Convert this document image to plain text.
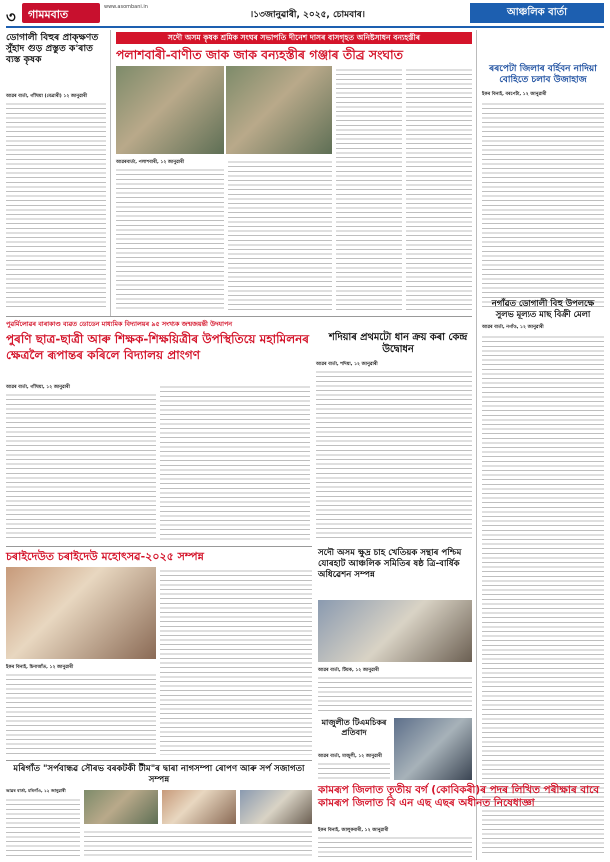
৩	গামমবাত
www.asombani.in
।১৩জানুৱাৰী, ২০২৫, চোমবাৰ।	আঞ্চলিক বাৰ্তা
ডোগালী বিহুৰ প্ৰাক্‌ক্ষণত সুঁহাদ গুড় প্ৰস্তুত ক'ৰাত ব্যস্ত কৃষক
আৱৰ বাৰ্তা, গাঁথিয়া (বেত্ৰাৰী) ১২ জানুৱাৰী
সদৌ অসম কৃষক শ্ৰমিক সংঘৰ সভাপতি দীনেশ দাসৰ বাসগৃহত অনিষ্টসাধন বন্যহস্তীৰ
পলাশবাৰী-বাণীত জাক জাক বন্যহস্তীৰ গঞ্জাৰ তীব্ৰ সংঘাত
আৱৰবাৰ্তা, পলাশবাৰী, ১২ জানুৱাৰী
ৰৰপেটা জিলাৰ বৰ্হিবন নাদিয়া বোহিতে চলাব উজাহাজ
ইকৰ বিনাই, বৰপেটা, ১২ জানুৱাৰী
পুৱৰ্মিলোৱৰ বাৰাকাণ্ড ব্যৱত ডোডেন মাধ্যমিক বিদ্যালয়ৰ ৯৫ সংখ্যক জন্মজয়ন্তী উদযাপন
পুৰণি ছাত্ৰ-ছাত্ৰী আৰু শিক্ষক-শিক্ষয়িত্ৰীৰ উপস্থিতিয়ে মহামিলনৰ ক্ষেত্ৰলৈ ৰূপান্তৰ কৰিলে বিদ্যালয় প্ৰাংগণ
আৱৰ বাৰ্তা, গাঁথিয়া, ১২ জানুৱাৰী
শদিয়াৰ প্ৰথমটো ধান ক্ৰয় কৰা কেন্দ্ৰ উদ্বোধন
আৱৰ বাৰ্তা, শদিয়া, ১২ জানুৱাৰী
নগাঁৱত ডোগালী বিহু উপলক্ষে সুলভ মূল্যত মাছ বিক্ৰী মেলা
আৱৰ বাৰ্তা, নগাঁও, ১২ জানুৱাৰী
চৰাইদেউত চৰাইদেউ মহোৎসৱ-২০২৫ সম্পন্ন
ইকৰ বিনাই, চিনাআঁত, ১২ জানুৱাৰী
সদৌ অসম ক্ষুদ্ৰ চাহ খেতিয়ক সন্থাৰ পশ্চিম যোৰহাট আঞ্চলিক সমিতিৰ ষষ্ঠ ত্ৰি-বাৰ্ষিক অধিৱেশন সম্পন্ন
আৱৰ বাৰ্তা, টিয়ক, ১২ জানুৱাৰী
মাজুলীত টিএমচিকৰ প্ৰতিবাদ
আৱৰ বাৰ্তা, মাজুলী, ১২ জানুৱাৰী
মৰিগাঁত "সৰ্পবান্ধৱ সৌৰভ বৰকটকী টীম"ৰ দ্বাৰা নাগসম্পা ৰোপণ আৰু সৰ্প সজাগতা সম্পন্ন
আৱৰ বাৰ্তা, মৰিগাঁও, ১২ জানুৱাৰী	কামৰূপ জিলাত তৃতীয় বৰ্গ (কোবিকৰী)ৰ পদৰ লিখিত পৰীক্ষাৰ বাবে কামৰূপ জিলাত বি এন এছ এছৰ অধীনত নিষেধাজ্ঞা
ইকৰ বিনাই, জালুকবাৰী, ১২ জানুৱাৰী
